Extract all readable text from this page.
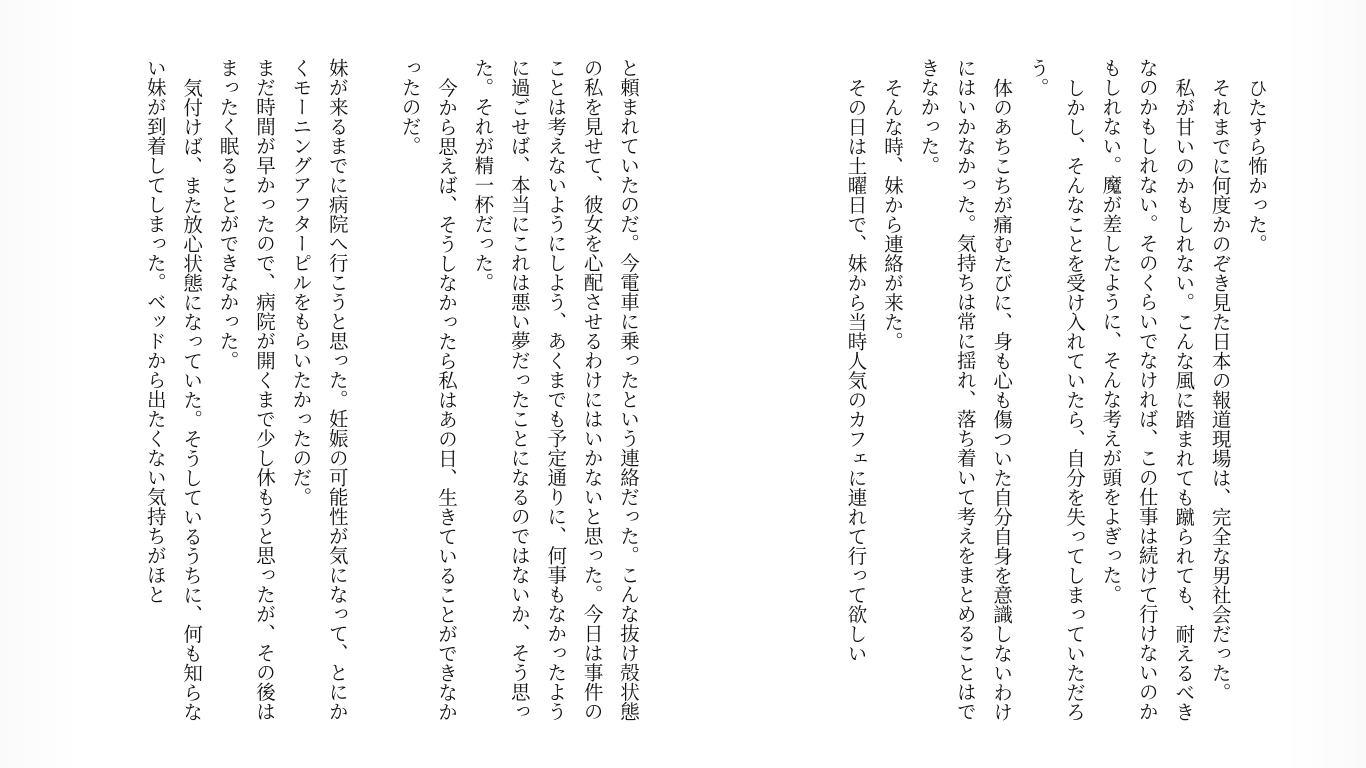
ひたすら怖かった。

それまでに何度かのぞき見た日本の報道現場は、完全な男社会だった。

私が甘いのかもしれない。こんな風に踏まれても蹴られても、耐えるべきなのかもしれない。そのくらいでなければ、この仕事は続けて行けないのかもしれない。魔が差したように、そんな考えが頭をよぎった。

しかし、そんなことを受け入れていたら、自分を失ってしまっていただろう。

体のあちこちが痛むたびに、身も心も傷ついた自分自身を意識しないわけにはいかなかった。気持ちは常に揺れ、落ち着いて考えをまとめることはできなかった。

そんな時、妹から連絡が来た。

その日は土曜日で、妹から当時人気のカフェに連れて行って欲しい

と頼まれていたのだ。今電車に乗ったという連絡だった。こんな抜け殻状態の私を見せて、彼女を心配させるわけにはいかないと思った。今日は事件のことは考えないようにしよう、あくまでも予定通りに、何事もなかったように過ごせば、本当にこれは悪い夢だったことになるのではないか、そう思った。それが精一杯だった。

今から思えば、そうしなかったら私はあの日、生きていることができなかったのだ。

妹が来るまでに病院へ行こうと思った。妊娠の可能性が気になって、とにかくモーニングアフターピルをもらいたかったのだ。

まだ時間が早かったので、病院が開くまで少し休もうと思ったが、その後はまったく眠ることができなかった。

気付けば、また放心状態になっていた。そうしているうちに、何も知らない妹が到着してしまった。ベッドから出たくない気持ちがほと
